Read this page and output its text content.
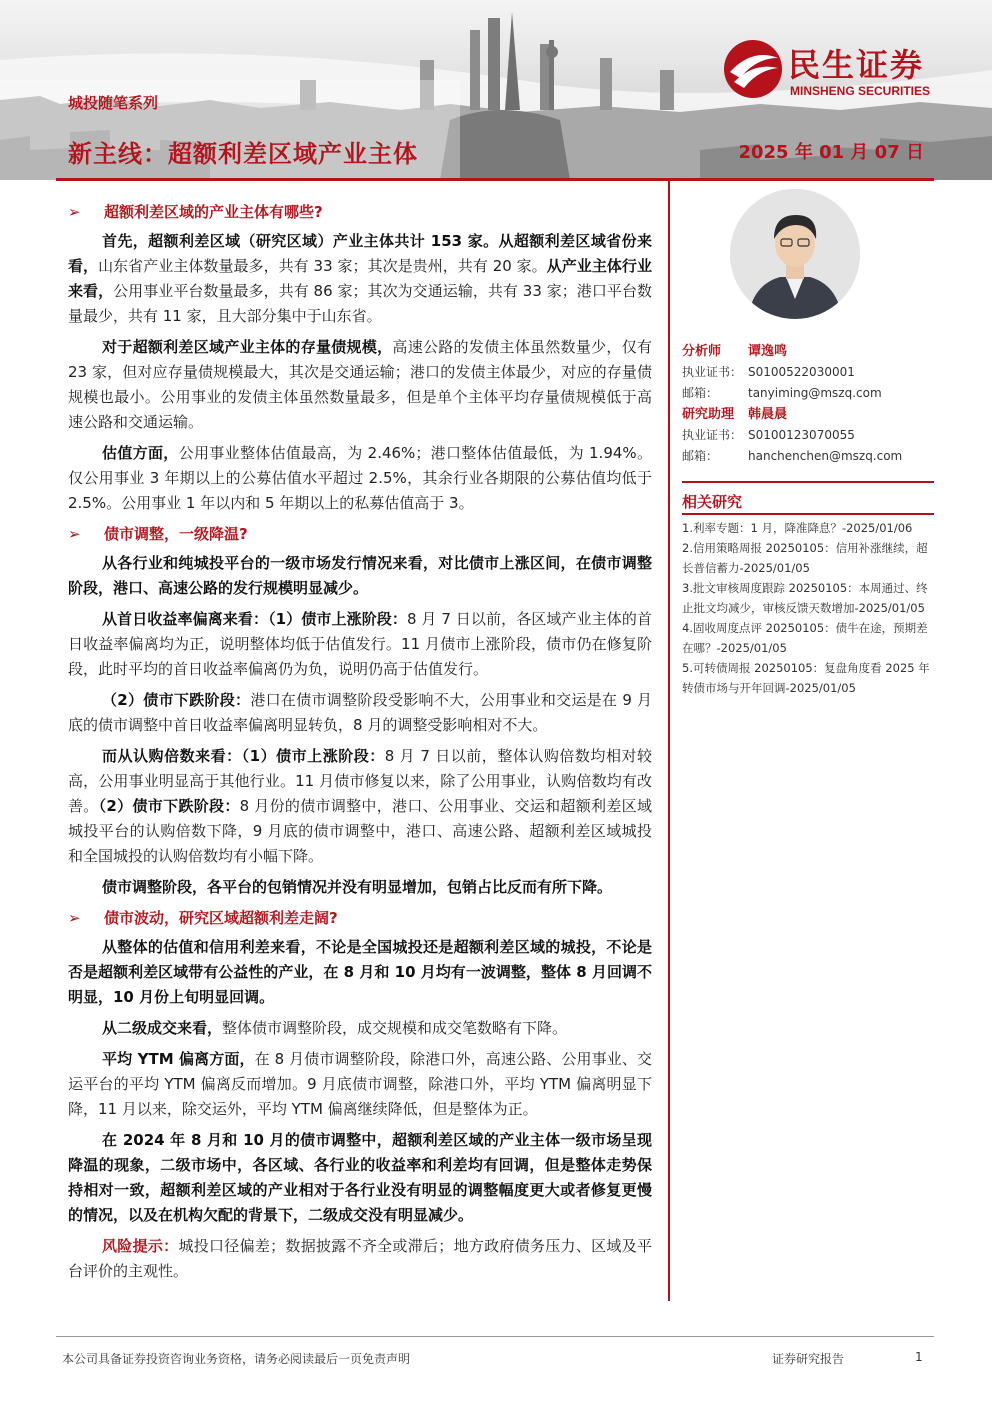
城投随笔系列
新主线：超额利差区域产业主体	2025 年 01 月 07 日
民生证券
MINSHENG SECURITIES
➢ 超额利差区域的产业主体有哪些?
首先，超额利差区域（研究区域）产业主体共计 153 家。从超额利差区域省份来看，山东省产业主体数量最多，共有 33 家；其次是贵州，共有 20 家。从产业主体行业来看，公用事业平台数量最多，共有 86 家；其次为交通运输，共有 33 家；港口平台数量最少，共有 11 家，且大部分集中于山东省。
对于超额利差区域产业主体的存量债规模，高速公路的发债主体虽然数量少，仅有 23 家，但对应存量债规模最大，其次是交通运输；港口的发债主体最少，对应的存量债规模也最小。公用事业的发债主体虽然数量最多，但是单个主体平均存量债规模低于高速公路和交通运输。
估值方面，公用事业整体估值最高，为 2.46%；港口整体估值最低，为 1.94%。仅公用事业 3 年期以上的公募估值水平超过 2.5%，其余行业各期限的公募估值均低于 2.5%。公用事业 1 年以内和 5 年期以上的私募估值高于 3。
➢ 债市调整，一级降温?
从各行业和纯城投平台的一级市场发行情况来看，对比债市上涨区间，在债市调整阶段，港口、高速公路的发行规模明显减少。
从首日收益率偏离来看：（1）债市上涨阶段：8 月 7 日以前，各区域产业主体的首日收益率偏离均为正，说明整体均低于估值发行。11 月债市上涨阶段，债市仍在修复阶段，此时平均的首日收益率偏离仍为负，说明仍高于估值发行。
（2）债市下跌阶段：港口在债市调整阶段受影响不大，公用事业和交运是在 9 月底的债市调整中首日收益率偏离明显转负，8 月的调整受影响相对不大。
而从认购倍数来看：（1）债市上涨阶段：8 月 7 日以前，整体认购倍数均相对较高，公用事业明显高于其他行业。11 月债市修复以来，除了公用事业，认购倍数均有改善。（2）债市下跌阶段：8 月份的债市调整中，港口、公用事业、交运和超额利差区域城投平台的认购倍数下降，9 月底的债市调整中，港口、高速公路、超额利差区域城投和全国城投的认购倍数均有小幅下降。
债市调整阶段，各平台的包销情况并没有明显增加，包销占比反而有所下降。
➢ 债市波动，研究区域超额利差走阔?
从整体的估值和信用利差来看，不论是全国城投还是超额利差区域的城投，不论是否是超额利差区域带有公益性的产业，在 8 月和 10 月均有一波调整，整体 8 月回调不明显，10 月份上旬明显回调。
从二级成交来看，整体债市调整阶段，成交规模和成交笔数略有下降。
平均 YTM 偏离方面，在 8 月债市调整阶段，除港口外，高速公路、公用事业、交运平台的平均 YTM 偏离反而增加。9 月底债市调整，除港口外，平均 YTM 偏离明显下降，11 月以来，除交运外，平均 YTM 偏离继续降低，但是整体为正。
在 2024 年 8 月和 10 月的债市调整中，超额利差区域的产业主体一级市场呈现降温的现象，二级市场中，各区域、各行业的收益率和利差均有回调，但是整体走势保持相对一致，超额利差区域的产业相对于各行业没有明显的调整幅度更大或者修复更慢的情况，以及在机构欠配的背景下，二级成交没有明显减少。
风险提示：城投口径偏差；数据披露不齐全或滞后；地方政府债务压力、区域及平台评价的主观性。
分析师	谭逸鸣
执业证书： S0100522030001
邮箱：	tanyiming@mszq.com
研究助理	韩晨晨
执业证书： S0100123070055
邮箱：	hanchenchen@mszq.com
相关研究
1.利率专题：1 月，降准降息？-2025/01/06
2.信用策略周报 20250105：信用补涨继续，超长普信蓄力-2025/01/05
3.批文审核周度跟踪 20250105：本周通过、终止批文均减少，审核反馈天数增加-2025/01/05
4.固收周度点评 20250105：债牛在途，预期差在哪？-2025/01/05
5.可转债周报 20250105：复盘角度看 2025 年转债市场与开年回调-2025/01/05
本公司具备证券投资咨询业务资格，请务必阅读最后一页免责声明	证券研究报告	1
